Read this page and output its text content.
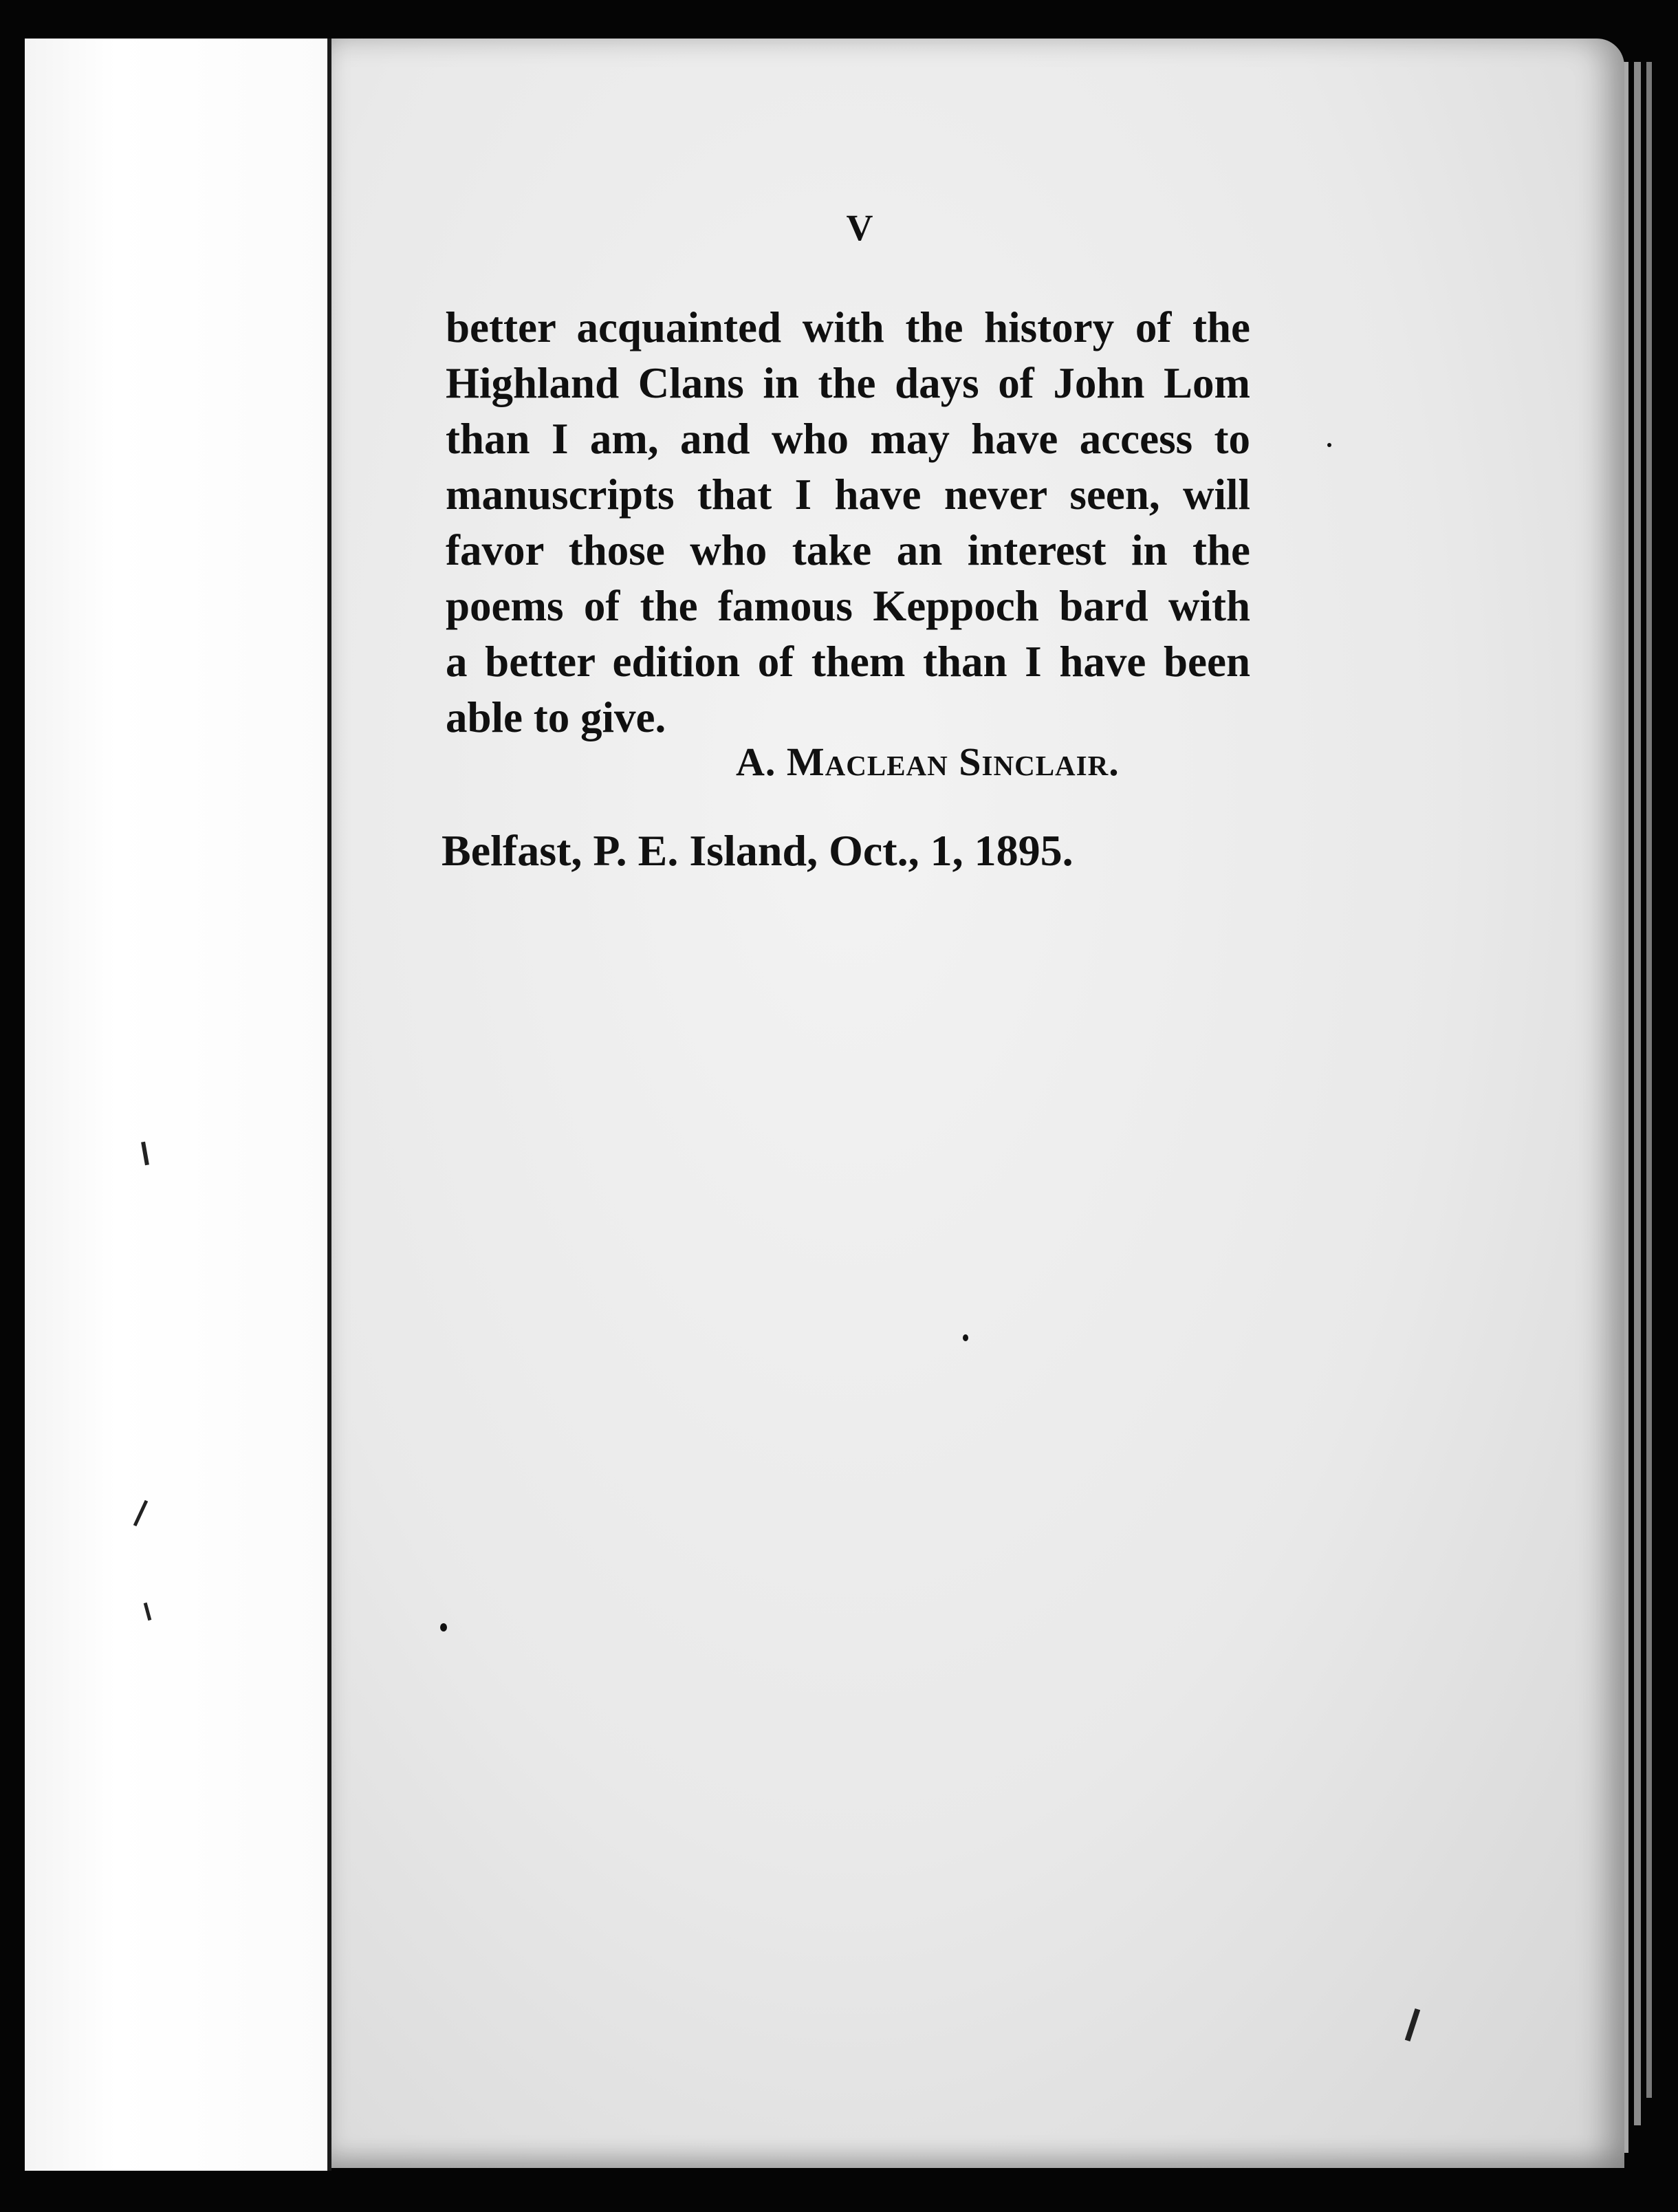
V
better acquainted with the history of the
Highland Clans in the days of John Lom
than I am, and who may have access to
manuscripts that I have never seen, will
favor those who take an interest in the
poems of the famous Keppoch bard with
a better edition of them than I have been
able to give.
A. Maclean Sinclair.
Belfast, P. E. Island, Oct., 1, 1895.
